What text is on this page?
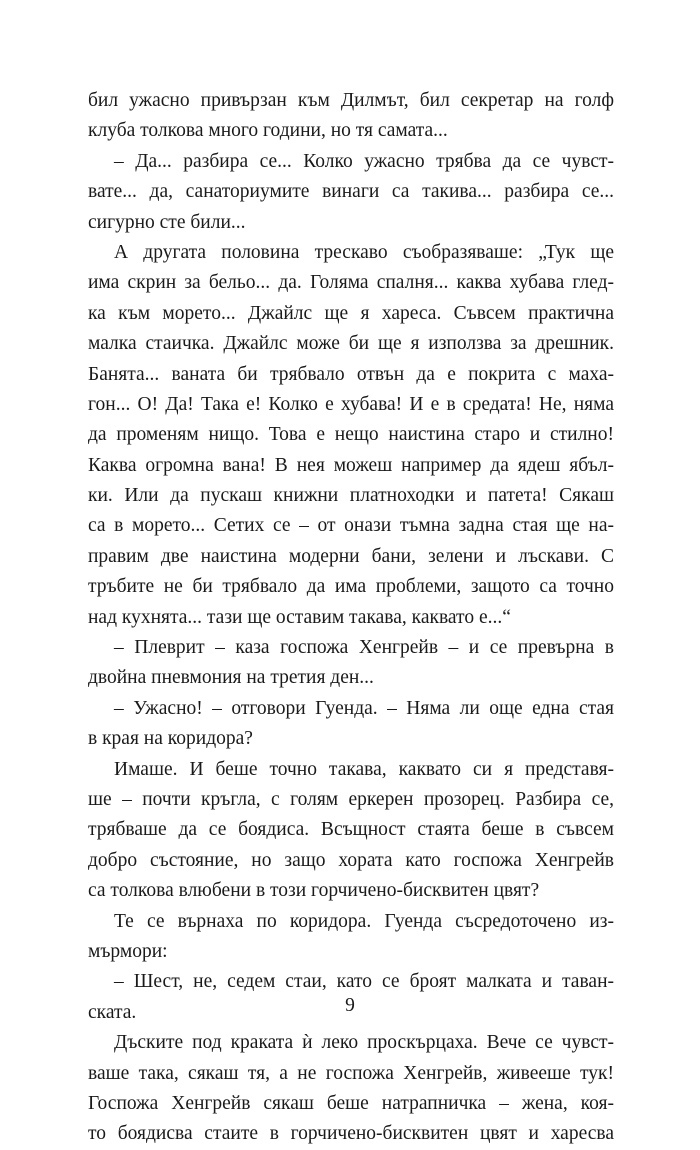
бил ужасно привързан към Дилмът, бил секретар на голф
клуба толкова много години, но тя самата...
– Да... разбира се... Колко ужасно трябва да се чувст-
вате... да, санаториумите винаги са такива... разбира се...
сигурно сте били...
А другата половина трескаво съобразяваше: „Тук ще
има скрин за бельо... да. Голяма спалня... каква хубава глед-
ка към морето... Джайлс ще я хареса. Съвсем практична
малка стаичка. Джайлс може би ще я използва за дрешник.
Банята... ваната би трябвало отвън да е покрита с маха-
гон... О! Да! Така е! Колко е хубава! И е в средата! Не, няма
да променям нищо. Това е нещо наистина старо и стилно!
Каква огромна вана! В нея можеш например да ядеш ябъл-
ки. Или да пускаш книжни платноходки и патета! Сякаш
са в морето... Сетих се – от онази тъмна задна стая ще на-
правим две наистина модерни бани, зелени и лъскави. С
тръбите не би трябвало да има проблеми, защото са точно
над кухнята... тази ще оставим такава, каквато е...“
– Плеврит – каза госпожа Хенгрейв – и се превърна в
двойна пневмония на третия ден...
– Ужасно! – отговори Гуенда. – Няма ли още една стая
в края на коридора?
Имаше. И беше точно такава, каквато си я представя-
ше – почти кръгла, с голям еркерен прозорец. Разбира се,
трябваше да се боядиса. Всъщност стаята беше в съвсем
добро състояние, но защо хората като госпожа Хенгрейв
са толкова влюбени в този горчичено-бисквитен цвят?
Те се върнаха по коридора. Гуенда съсредоточено из-
мърмори:
– Шест, не, седем стаи, като се броят малката и таван-
ската.
Дъските под краката ѝ леко проскърцаха. Вече се чувст-
ваше така, сякаш тя, а не госпожа Хенгрейв, живееше тук!
Госпожа Хенгрейв сякаш беше натрапничка – жена, коя-
то боядисва стаите в горчичено-бисквитен цвят и харесва
9
